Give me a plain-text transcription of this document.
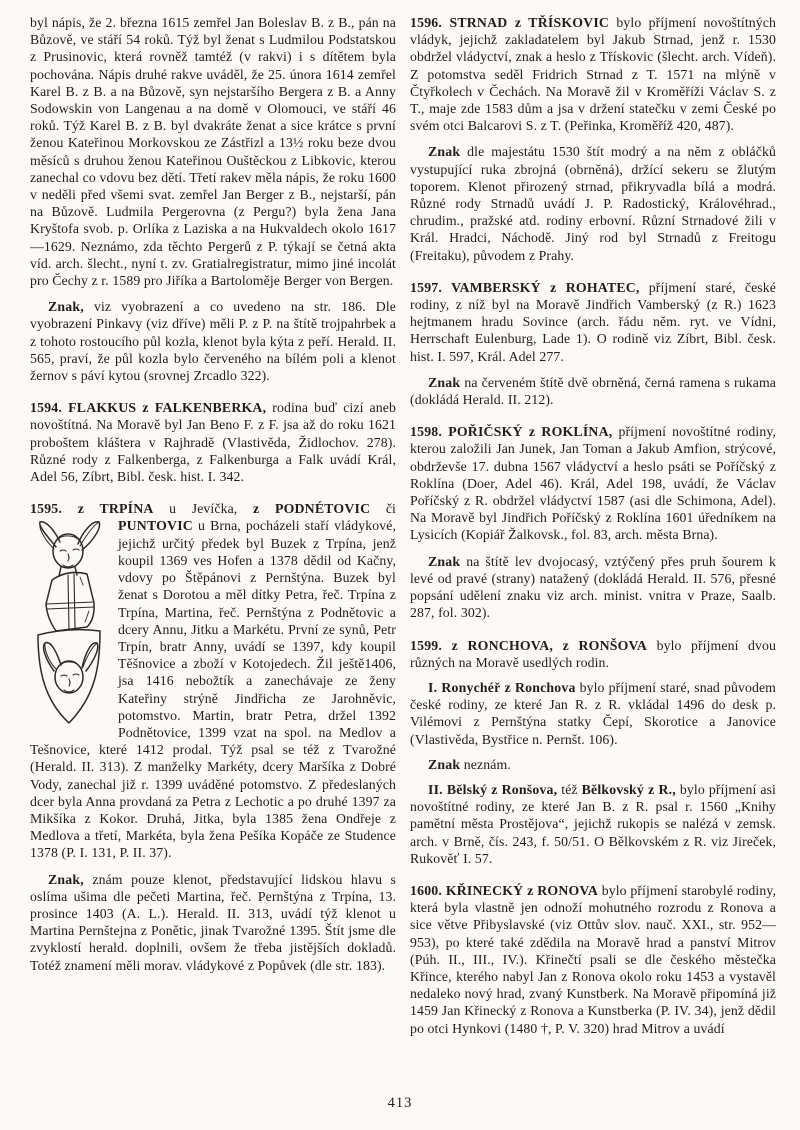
byl nápis, že 2. března 1615 zemřel Jan Boleslav B. z B., pán na Bůzově, ve stáří 54 roků. Týž byl ženat s Ludmilou Podstatskou z Prusinovic, která rovněž tamtéž (v rakvi) i s dítětem byla pochována. Nápis druhé rakve uváděl, že 25. února 1614 zemřel Karel B. z B. a na Bůzově, syn nejstaršího Bergera z B. a Anny Sodowskin von Langenau a na domě v Olomouci, ve stáří 46 roků. Týž Karel B. z B. byl dvakráte ženat a sice krátce s první ženou Kateřinou Morkovskou ze Zástřizl a 13½ roku beze dvou měsíců s druhou ženou Kateřinou Ouštěckou z Libkovic, kterou zanechal co vdovu bez dětí. Třetí rakev měla nápis, že roku 1600 v neděli před všemi svat. zemřel Jan Berger z B., nejstarší, pán na Bůzově. Ludmila Pergerovna (z Pergu?) byla žena Jana Kryštofa svob. p. Orlíka z Laziska a na Hukvaldech okolo 1617—1629. Neznámo, zda těchto Pergerů z P. týkají se četná akta víd. arch. šlecht., nyní t. zv. Gratialregistratur, mimo jiné incolát pro Čechy z r. 1589 pro Jiříka a Bartoloměje Berger von Bergen.

Znak, viz vyobrazení a co uvedeno na str. 186. Dle vyobrazení Pinkavy (viz dříve) měli P. z P. na štítě trojpahrbek a z tohoto rostoucího půl kozla, klenot byla kýta z peří. Herald. II. 565, praví, že půl kozla bylo červeného na bílém poli a klenot žernov s páví kytou (srovnej Zrcadlo 322).

1594. FLAKKUS z FALKENBERKA, rodina buď cizí aneb novoštítná. Na Moravě byl Jan Beno F. z F. jsa až do roku 1621 proboštem kláštera v Rajhradě (Vlastivěda, Židlochov. 278). Různé rody z Falkenberga, z Falkenburga a Falk uvádí Král, Adel 56, Zíbrt, Bibl. česk. hist. I. 342.

1595. z TRPÍNA u Jevíčka, z PODNÉTOVIC či

PUNTOVIC u Brna, pocházeli staří vládykové, jejichž určitý předek byl Buzek z Trpína, jenž koupil 1369 ves Hofen a 1378 dědil od Kačny, vdovy po Štěpánovi z Pernštýna. Buzek byl ženat s Dorotou a měl dítky Petra, řeč. Trpína z Trpína, Martina, řeč. Pernštýna z Podnětovic a dcery Annu, Jitku a Markétu. První ze synů, Petr Trpín, bratr Anny, uvádí se 1397, kdy koupil Těšnovice a zboží v Kotojedech. Žil ještě1406, jsa 1416 nebožtík a zanechávaje ze ženy Kateřiny strýně Jindřicha ze Jarohněvic, potomstvo. Martin, bratr Petra, držel 1392 Podnětovice, 1399 vzat na spol. na Medlov a Tešnovice, které 1412 prodal. Týž psal se též z Tvarožné (Herald. II. 313). Z manželky Markéty, dcery Maršíka z Dobré Vody, zanechal již r. 1399 uváděné potomstvo. Z předeslaných dcer byla Anna provdaná za Petra z Lechotic a po druhé 1397 za Mikšíka z Kokor. Druhá, Jitka, byla 1385 žena Ondřeje z Medlova a třetí, Markéta, byla žena Pešíka Kopáče ze Studence 1378 (P. I. 131, P. II. 37).

Znak, znám pouze klenot, představující lidskou hlavu s oslíma ušima dle pečeti Martina, řeč. Pernštýna z Trpína, 13. prosince 1403 (A. L.). Herald. II. 313, uvádí týž klenot u Martina Pernštejna z Ponětic, jinak Tvarožné 1395. Štít jsme dle zvyklostí herald. doplnili, ovšem že třeba jistějších dokladů. Totéž znamení měli morav. vládykové z Popůvek (dle str. 183).

1596. STRNAD z TŘÍSKOVIC bylo příjmení novoštítných vládyk, jejichž zakladatelem byl Jakub Strnad, jenž r. 1530 obdržel vládyctví, znak a heslo z Třískovic (šlecht. arch. Vídeň). Z potomstva seděl Fridrich Strnad z T. 1571 na mlýně v Čtyřkolech v Čechách. Na Moravě žil v Kroměříži Václav S. z T., maje zde 1583 dům a jsa v držení statečku v zemi České po svém otci Balcarovi S. z T. (Peřinka, Kroměříž 420, 487).

Znak dle majestátu 1530 štít modrý a na něm z obláčků vystupující ruka zbrojná (obrněná), držící sekeru se žlutým toporem. Klenot přirozený strnad, přikryvadla bílá a modrá. Různé rody Strnadů uvádí J. P. Radostický, Královéhrad., chrudim., pražské atd. rodiny erbovní. Různí Strnadové žili v Král. Hradci, Náchodě. Jiný rod byl Strnadů z Freitogu (Freitaku), původem z Prahy.

1597. VAMBERSKÝ z ROHATEC, příjmení staré, české rodiny, z níž byl na Moravě Jindřich Vamberský (z R.) 1623 hejtmanem hradu Sovince (arch. řádu něm. ryt. ve Vídni, Herrschaft Eulenburg, Lade 1). O rodině viz Zíbrt, Bibl. česk. hist. I. 597, Král. Adel 277.

Znak na červeném štítě dvě obrněná, černá ramena s rukama (dokládá Herald. II. 212).

1598. POŘIČSKÝ z ROKLÍNA, příjmení novoštítné rodiny, kterou založili Jan Junek, Jan Toman a Jakub Amfion, strýcové, obdrževše 17. dubna 1567 vládyctví a heslo psáti se Poříčský z Roklína (Doer, Adel 46). Král, Adel 198, uvádí, že Václav Poříčský z R. obdržel vládyctví 1587 (asi dle Schimona, Adel). Na Moravě byl Jindřich Poříčský z Roklína 1601 úředníkem na Lysicích (Kopiář Žalkovsk., fol. 83, arch. města Brna).

Znak na štítě lev dvojocasý, vztýčený přes pruh šourem k levé od pravé (strany) natažený (dokládá Herald. II. 576, přesné popsání udělení znaku viz arch. minist. vnitra v Praze, Saalb. 287, fol. 302).

1599. z RONCHOVA, z RONŠOVA bylo příjmení dvou různých na Moravě usedlých rodin.

I. Ronychéř z Ronchova bylo příjmení staré, snad původem české rodiny, ze které Jan R. z R. vkládal 1496 do desk p. Vilémovi z Pernštýna statky Čepí, Skorotice a Janovice (Vlastivěda, Bystřice n. Pernšt. 106).

Znak neznám.

II. Bělský z Ronšova, též Bělkovský z R., bylo příjmení asi novoštítné rodiny, ze které Jan B. z R. psal r. 1560 „Knihy pamětní města Prostějova“, jejichž rukopis se nalézá v zemsk. arch. v Brně, čís. 243, f. 50/51. O Bělkovském z R. viz Jireček, Rukověť I. 57.

1600. KŘINECKÝ z RONOVA bylo příjmení starobylé rodiny, která byla vlastně jen odnoží mohutného rozrodu z Ronova a sice větve Přibyslavské (viz Ottův slov. nauč. XXI., str. 952—953), po které také zdědila na Moravě hrad a panství Mitrov (Púh. II., III., IV.). Křinečtí psali se dle českého městečka Křince, kterého nabyl Jan z Ronova okolo roku 1453 a vystavěl nedaleko nový hrad, zvaný Kunstberk. Na Moravě připomíná již 1459 Jan Křinecký z Ronova a Kunstberka (P. IV. 34), jenž dědil po otci Hynkovi (1480 †, P. V. 320) hrad Mitrov a uvádí

413
